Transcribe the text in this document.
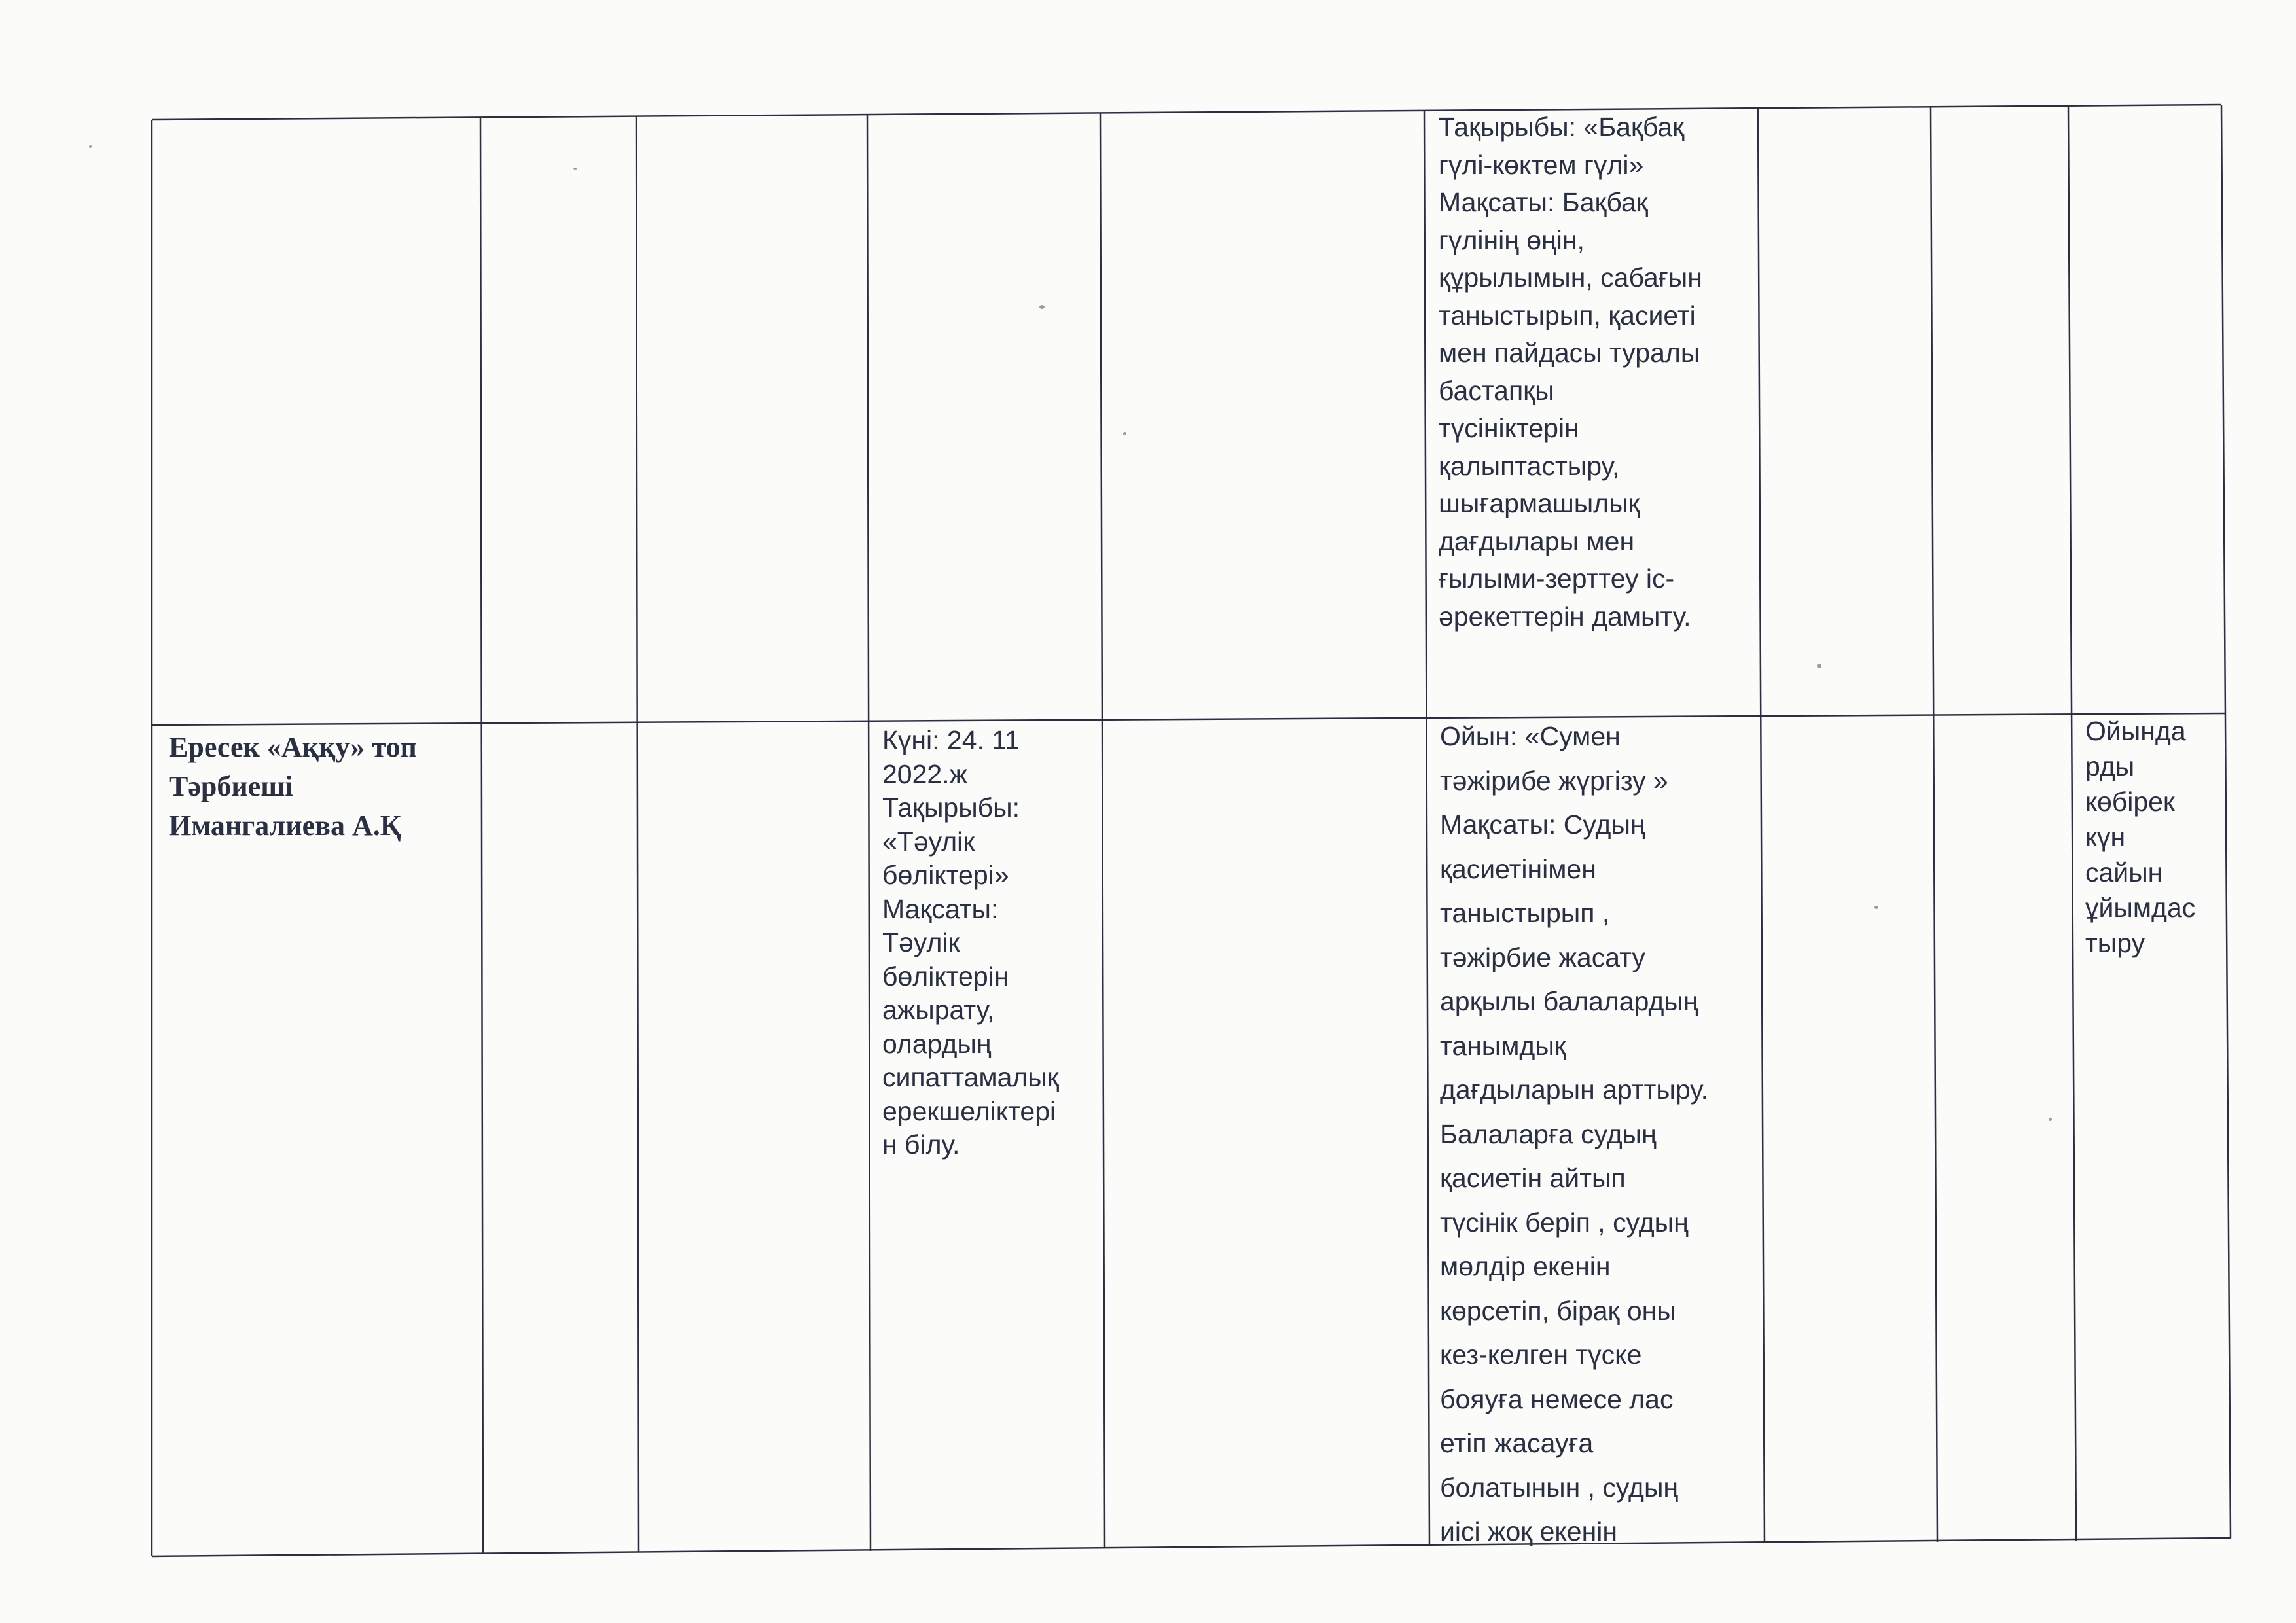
Тақырыбы: «Бақбақ
гүлі-көктем гүлі»
Мақсаты: Бақбақ
гүлінің өңін,
құрылымын, сабағын
таныстырып, қасиеті
мен пайдасы туралы
бастапқы
түсініктерін
қалыптастыру,
шығармашылық
дағдылары мен
ғылыми-зерттеу іс-
әрекеттерін дамыту.
Ересек «Аққу» топ
Тәрбиеші
Имангалиева А.Қ
Күні: 24. 11
2022.ж
Тақырыбы:
«Тәулік
бөліктері»
Мақсаты:
Тәулік
бөліктерін
ажырату,
олардың
сипаттамалық
ерекшеліктері
н білу.
Ойын: «Сумен
тәжірибе жүргізу »
Мақсаты: Судың
қасиетінімен
таныстырып ,
тәжірбие жасату
арқылы балалардың
танымдық
дағдыларын арттыру.
Балаларға судың
қасиетін айтып
түсінік беріп , судың
мөлдір екенін
көрсетіп, бірақ оны
кез-келген түске
бояуға немесе лас
етіп жасауға
болатынын , судың
иісі жоқ екенін
Ойында
рды
көбірек
күн
сайын
ұйымдас
тыру
